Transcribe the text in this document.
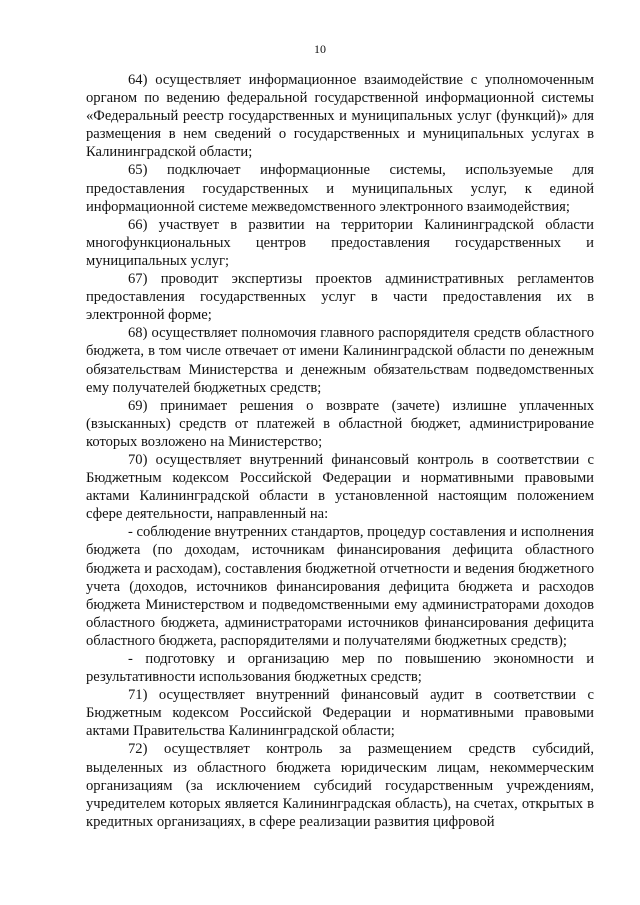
10

64) осуществляет информационное взаимодействие с уполномоченным органом по ведению федеральной государственной информационной системы «Федеральный реестр государственных и муниципальных услуг (функций)» для размещения в нем сведений о государственных и муниципальных услугах в Калининградской области;

65) подключает информационные системы, используемые для предоставления государственных и муниципальных услуг, к единой информационной системе межведомственного электронного взаимодействия;

66) участвует в развитии на территории Калининградской области многофункциональных центров предоставления государственных и муниципальных услуг;

67) проводит экспертизы проектов административных регламентов предоставления государственных услуг в части предоставления их в электронной форме;

68) осуществляет полномочия главного распорядителя средств областного бюджета, в том числе отвечает от имени Калининградской области по денежным обязательствам Министерства и денежным обязательствам подведомственных ему получателей бюджетных средств;

69) принимает решения о возврате (зачете) излишне уплаченных (взысканных) средств от платежей в областной бюджет, администрирование которых возложено на Министерство;

70) осуществляет внутренний финансовый контроль в соответствии с Бюджетным кодексом Российской Федерации и нормативными правовыми актами Калининградской области в установленной настоящим положением сфере деятельности, направленный на:

- соблюдение внутренних стандартов, процедур составления и исполнения бюджета (по доходам, источникам финансирования дефицита областного бюджета и расходам), составления бюджетной отчетности и ведения бюджетного учета (доходов, источников финансирования дефицита бюджета и расходов бюджета Министерством и подведомственными ему администраторами доходов областного бюджета, администраторами источников финансирования дефицита областного бюджета, распорядителями и получателями бюджетных средств);

- подготовку и организацию мер по повышению экономности и результативности использования бюджетных средств;

71) осуществляет внутренний финансовый аудит в соответствии с Бюджетным кодексом Российской Федерации и нормативными правовыми актами Правительства Калининградской области;

72) осуществляет контроль за размещением средств субсидий, выделенных из областного бюджета юридическим лицам, некоммерческим организациям (за исключением субсидий государственным учреждениям, учредителем которых является Калининградская область), на счетах, открытых в кредитных организациях, в сфере реализации развития цифровой
